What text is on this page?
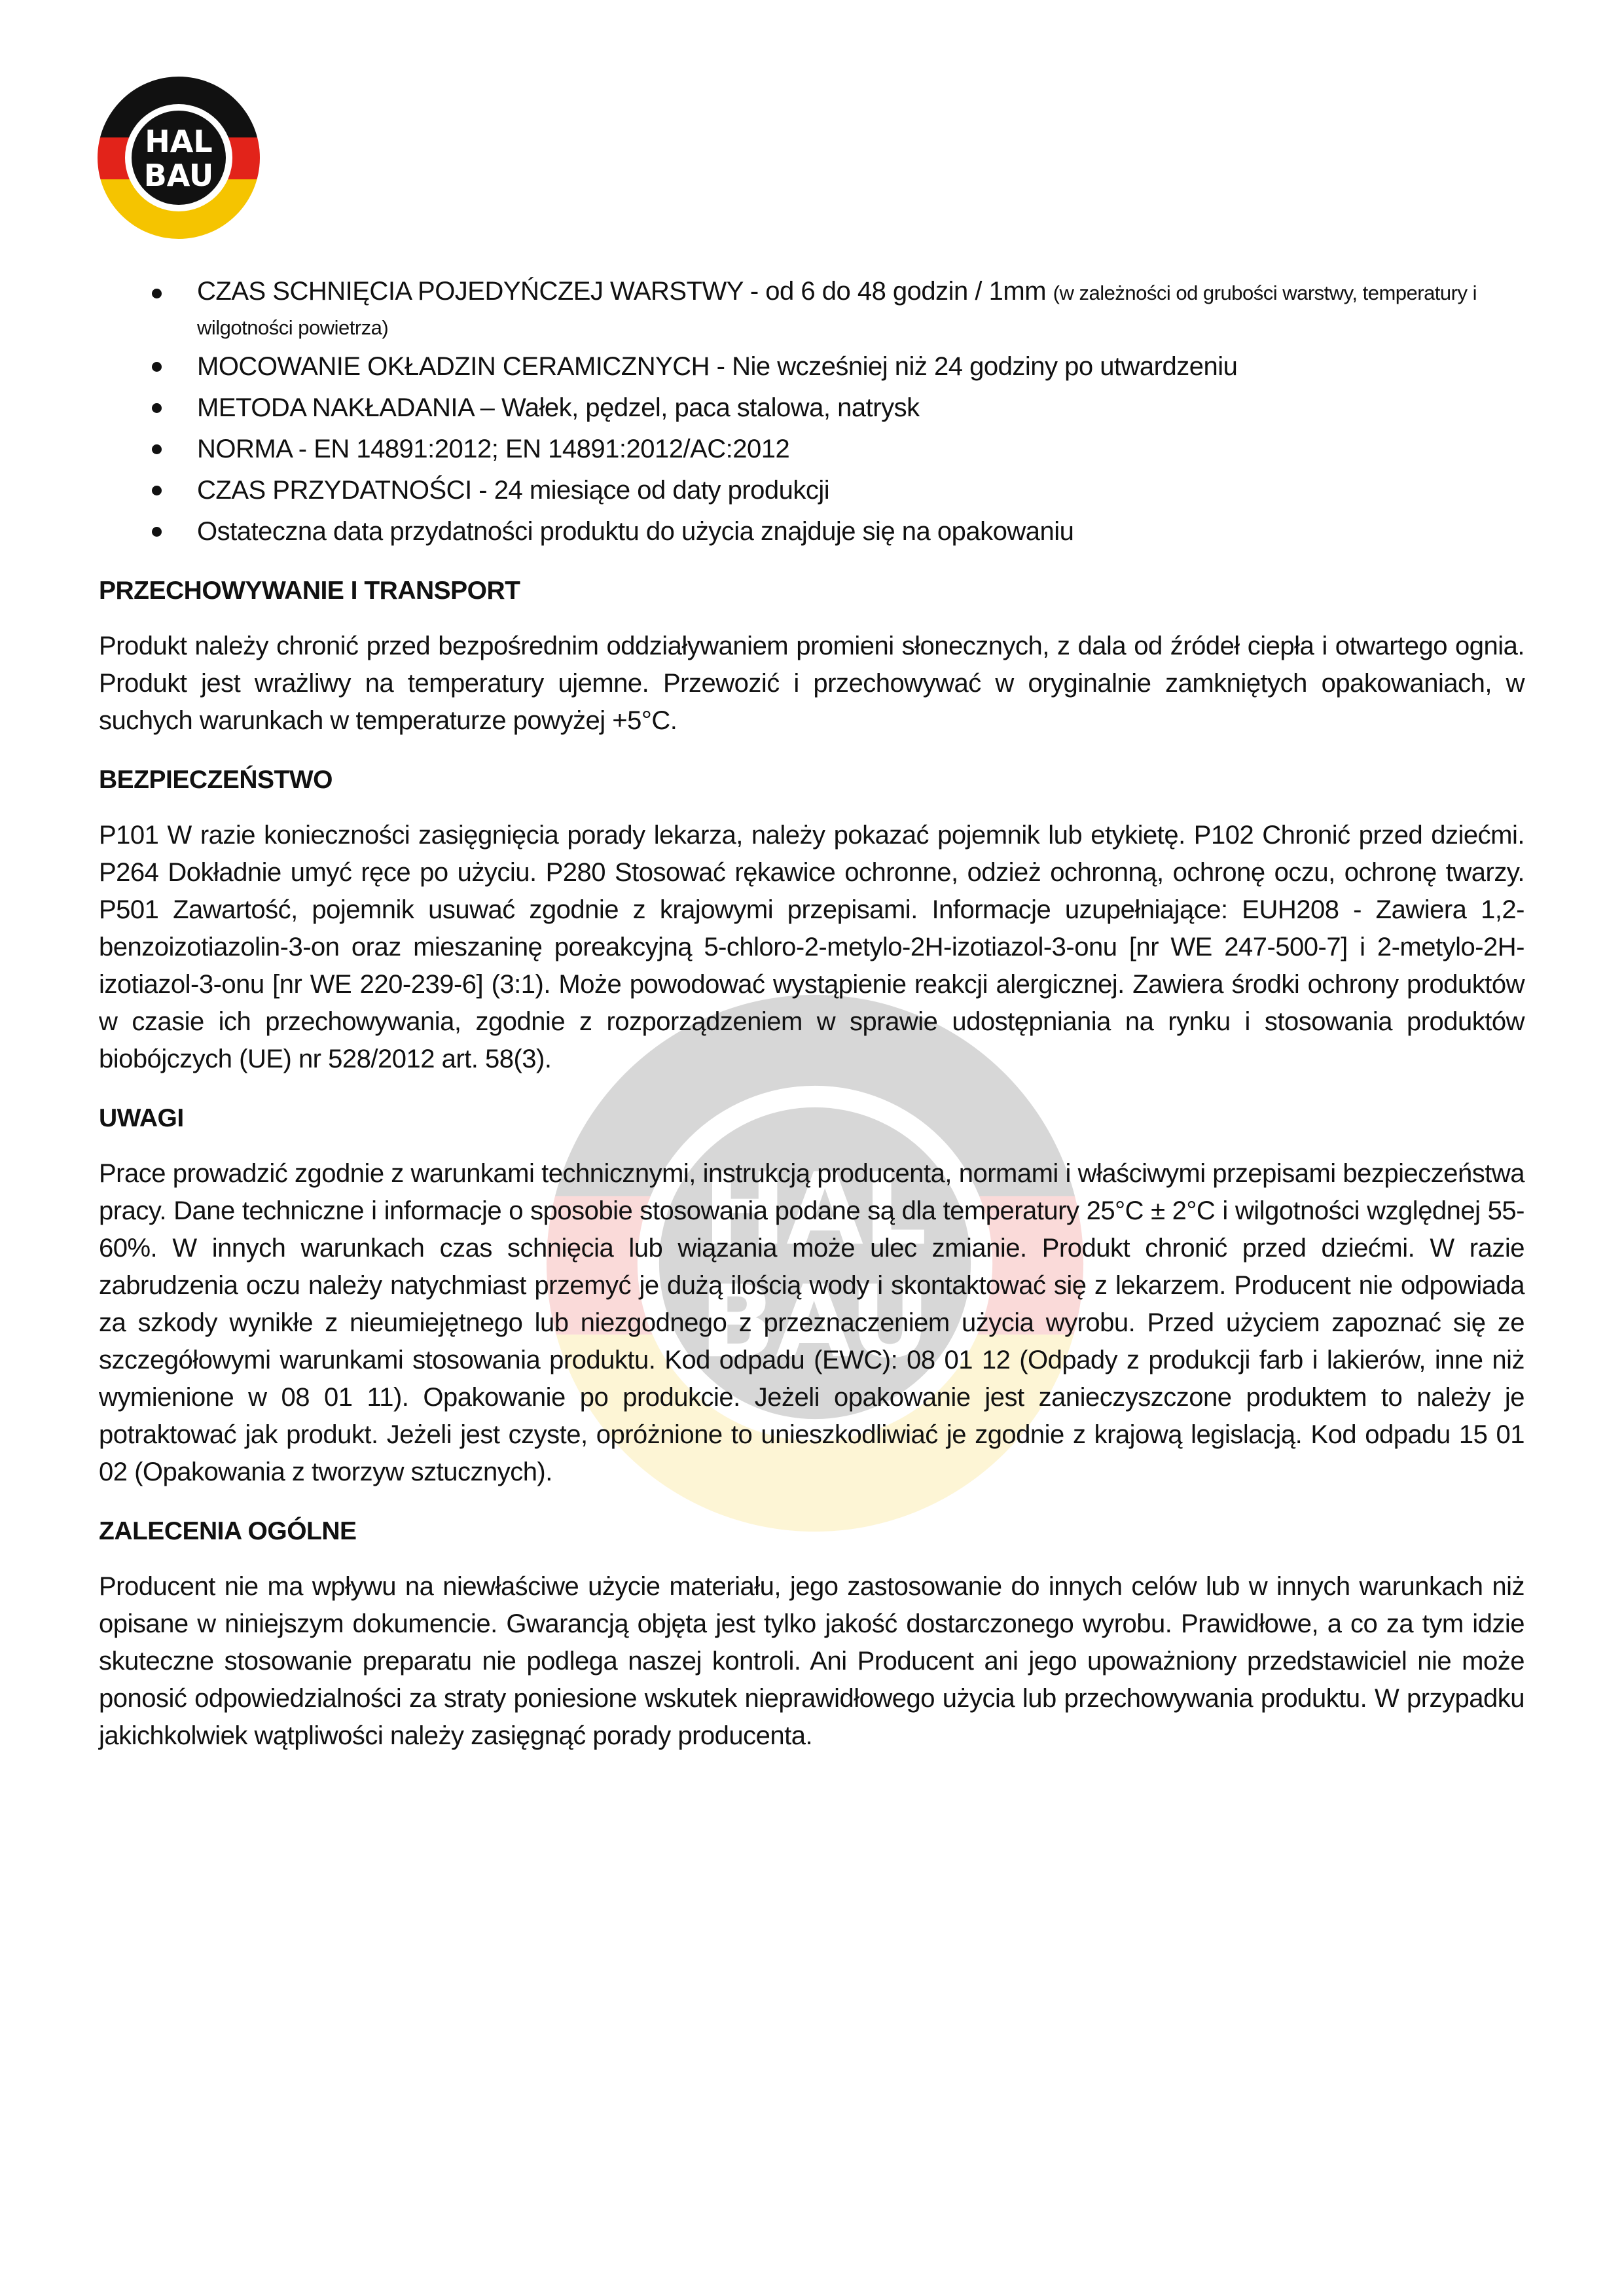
HAL
BAU
HAL
BAU
CZAS SCHNIĘCIA POJEDYŃCZEJ WARSTWY - od 6 do 48 godzin / 1mm (w zależności od grubości warstwy, temperatury i wilgotności powietrza)
MOCOWANIE OKŁADZIN CERAMICZNYCH - Nie wcześniej niż 24 godziny po utwardzeniu
METODA NAKŁADANIA – Wałek, pędzel, paca stalowa, natrysk
NORMA - EN 14891:2012; EN 14891:2012/AC:2012
CZAS PRZYDATNOŚCI - 24 miesiące od daty produkcji
Ostateczna data przydatności produktu do użycia znajduje się na opakowaniu
PRZECHOWYWANIE I TRANSPORT

Produkt należy chronić przed bezpośrednim oddziaływaniem promieni słonecznych, z dala od źródeł ciepła i otwartego ognia. Produkt jest wrażliwy na temperatury ujemne. Przewozić i przechowywać w oryginalnie zamkniętych opakowaniach, w suchych warunkach w temperaturze powyżej +5°C.

BEZPIECZEŃSTWO

P101 W razie konieczności zasięgnięcia porady lekarza, należy pokazać pojemnik lub etykietę. P102 Chronić przed dziećmi. P264 Dokładnie umyć ręce po użyciu. P280 Stosować rękawice ochronne, odzież ochronną, ochronę oczu, ochronę twarzy. P501 Zawartość, pojemnik usuwać zgodnie z krajowymi przepisami. Informacje uzupełniające: EUH208 - Zawiera 1,2- benzoizotiazolin-3-on oraz mieszaninę poreakcyjną 5-chloro-2-metylo-2H-izotiazol-3-onu [nr WE 247-500-7] i 2-metylo-2H-izotiazol-3-onu [nr WE 220-239-6] (3:1). Może powodować wystąpienie reakcji alergicznej. Zawiera środki ochrony produktów w czasie ich przechowywania, zgodnie z rozporządzeniem w sprawie udostępniania na rynku i stosowania produktów biobójczych (UE) nr 528/2012 art. 58(3).

UWAGI

Prace prowadzić zgodnie z warunkami technicznymi, instrukcją producenta, normami i właściwymi przepisami bezpieczeństwa pracy. Dane techniczne i informacje o sposobie stosowania podane są dla temperatury 25°C ± 2°C i wilgotności względnej 55-60%. W innych warunkach czas schnięcia lub wiązania może ulec zmianie. Produkt chronić przed dziećmi. W razie zabrudzenia oczu należy natychmiast przemyć je dużą ilością wody i skontaktować się z lekarzem. Producent nie odpowiada za szkody wynikłe z nieumiejętnego lub niezgodnego z przeznaczeniem użycia wyrobu. Przed użyciem zapoznać się ze szczegółowymi warunkami stosowania produktu. Kod odpadu (EWC): 08 01 12 (Odpady z produkcji farb i lakierów, inne niż wymienione w 08 01 11). Opakowanie po produkcie. Jeżeli opakowanie jest zanieczyszczone produktem to należy je potraktować jak produkt. Jeżeli jest czyste, opróżnione to unieszkodliwiać je zgodnie z krajową legislacją. Kod odpadu 15 01 02 (Opakowania z tworzyw sztucznych).

ZALECENIA OGÓLNE

Producent nie ma wpływu na niewłaściwe użycie materiału, jego zastosowanie do innych celów lub w innych warunkach niż opisane w niniejszym dokumencie. Gwarancją objęta jest tylko jakość dostarczonego wyrobu. Prawidłowe, a co za tym idzie skuteczne stosowanie preparatu nie podlega naszej kontroli. Ani Producent ani jego upoważniony przedstawiciel nie może ponosić odpowiedzialności za straty poniesione wskutek nieprawidłowego użycia lub przechowywania produktu. W przypadku jakichkolwiek wątpliwości należy zasięgnąć porady producenta.
